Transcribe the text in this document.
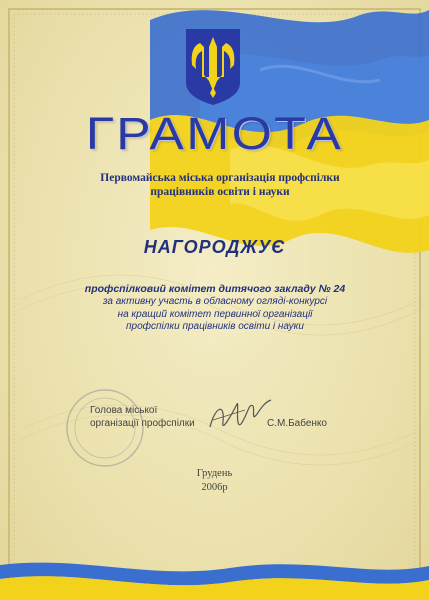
ГРАМОТА
Первомайська міська організація профспілки
працівників освіти і науки
НАГОРОДЖУЄ
профспілковий комітет дитячого закладу № 24
за активну участь в обласному огляді-конкурсі
на кращий комітет первинної організації
профспілки працівників освіти і науки
Голова міської
організації профспілки	С.М.Бабенко
Грудень
2006р
